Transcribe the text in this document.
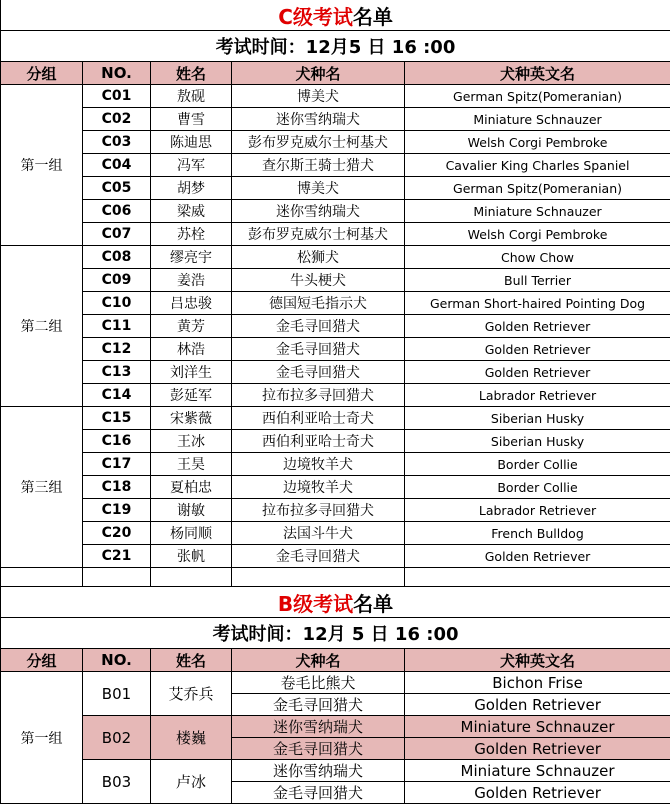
C级考试名单				
考试时间：12月5 日 16 :00				
分组	NO.	姓名	犬种名	犬种英文名
第一组	C01	敖砚	博美犬	German Spitz(Pomeranian)
	C02	曹雪	迷你雪纳瑞犬	Miniature Schnauzer
	C03	陈迪思	彭布罗克威尔士柯基犬	Welsh Corgi Pembroke
	C04	冯军	查尔斯王骑士猎犬	Cavalier King Charles Spaniel
	C05	胡梦	博美犬	German Spitz(Pomeranian)
	C06	梁威	迷你雪纳瑞犬	Miniature Schnauzer
	C07	苏栓	彭布罗克威尔士柯基犬	Welsh Corgi Pembroke
第二组	C08	缪亮宇	松狮犬	Chow Chow
	C09	姜浩	牛头梗犬	Bull Terrier
	C10	吕忠骏	德国短毛指示犬	German Short-haired Pointing Dog
	C11	黄芳	金毛寻回猎犬	Golden Retriever
	C12	林浩	金毛寻回猎犬	Golden Retriever
	C13	刘洋生	金毛寻回猎犬	Golden Retriever
	C14	彭延军	拉布拉多寻回猎犬	Labrador Retriever
第三组	C15	宋紫薇	西伯利亚哈士奇犬	Siberian Husky
	C16	王冰	西伯利亚哈士奇犬	Siberian Husky
	C17	王昊	边境牧羊犬	Border Collie
	C18	夏柏忠	边境牧羊犬	Border Collie
	C19	谢敏	拉布拉多寻回猎犬	Labrador Retriever
	C20	杨同顺	法国斗牛犬	French Bulldog
	C21	张帆	金毛寻回猎犬	Golden Retriever

B级考试名单				
考试时间：12月 5 日 16 :00				
分组	NO.	姓名	犬种名	犬种英文名
第一组	B01	艾乔兵	卷毛比熊犬	Bichon Frise
			金毛寻回猎犬	Golden Retriever
	B02	楼巍	迷你雪纳瑞犬	Miniature Schnauzer
			金毛寻回猎犬	Golden Retriever
	B03	卢冰	迷你雪纳瑞犬	Miniature Schnauzer
			金毛寻回猎犬	Golden Retriever
